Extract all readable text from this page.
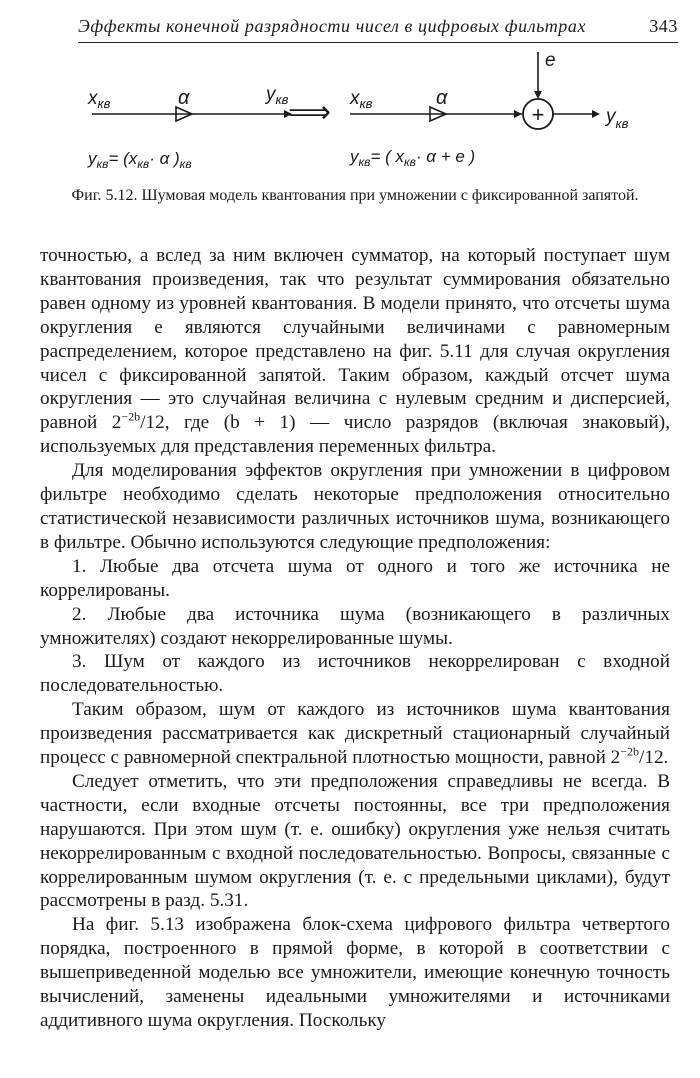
Эффекты конечной разрядности чисел в цифровых фильтрах	343
$x_{кв}$	α	$y_{кв}$
$y_{кв}= (x_{кв}\cdot \alpha$ )$_{кв}$
⟹ $x_{кв}$	α
+
e
$y_{кв}$
$y_{кв}=$ ( $x_{кв}\cdot \alpha + e$ )
Фиг. 5.12. Шумовая модель квантования при умножении с фиксированной запятой.

точностью, а вслед за ним включен сумматор, на который поступает шум квантования произведения, так что результат суммирования обязательно равен одному из уровней квантования. В модели принято, что отсчеты шума округления e являются случайными величинами с равномерным распределением, которое представлено на фиг. 5.11 для случая округления чисел с фиксированной запятой. Таким образом, каждый отсчет шума округления — это случайная величина с нулевым средним и дисперсией, равной $2^{-2b}/12$, где (b + 1) — число разрядов (включая знаковый), используемых для представления переменных фильтра.

Для моделирования эффектов округления при умножении в цифровом фильтре необходимо сделать некоторые предположения относительно статистической независимости различных источников шума, возникающего в фильтре. Обычно используются следующие предположения:

1. Любые два отсчета шума от одного и того же источника не коррелированы.

2. Любые два источника шума (возникающего в различных умножителях) создают некоррелированные шумы.

3. Шум от каждого из источников некоррелирован с входной последовательностью.

Таким образом, шум от каждого из источников шума квантования произведения рассматривается как дискретный стационарный случайный процесс с равномерной спектральной плотностью мощности, равной $2^{-2b}/12$.

Следует отметить, что эти предположения справедливы не всегда. В частности, если входные отсчеты постоянны, все три предположения нарушаются. При этом шум (т. е. ошибку) округления уже нельзя считать некоррелированным с входной последовательностью. Вопросы, связанные с коррелированным шумом округления (т. е. с предельными циклами), будут рассмотрены в разд. 5.31.

На фиг. 5.13 изображена блок-схема цифрового фильтра четвертого порядка, построенного в прямой форме, в которой в соответствии с вышеприведенной моделью все умножители, имеющие конечную точность вычислений, заменены идеальными умножителями и источниками аддитивного шума округления. Поскольку
